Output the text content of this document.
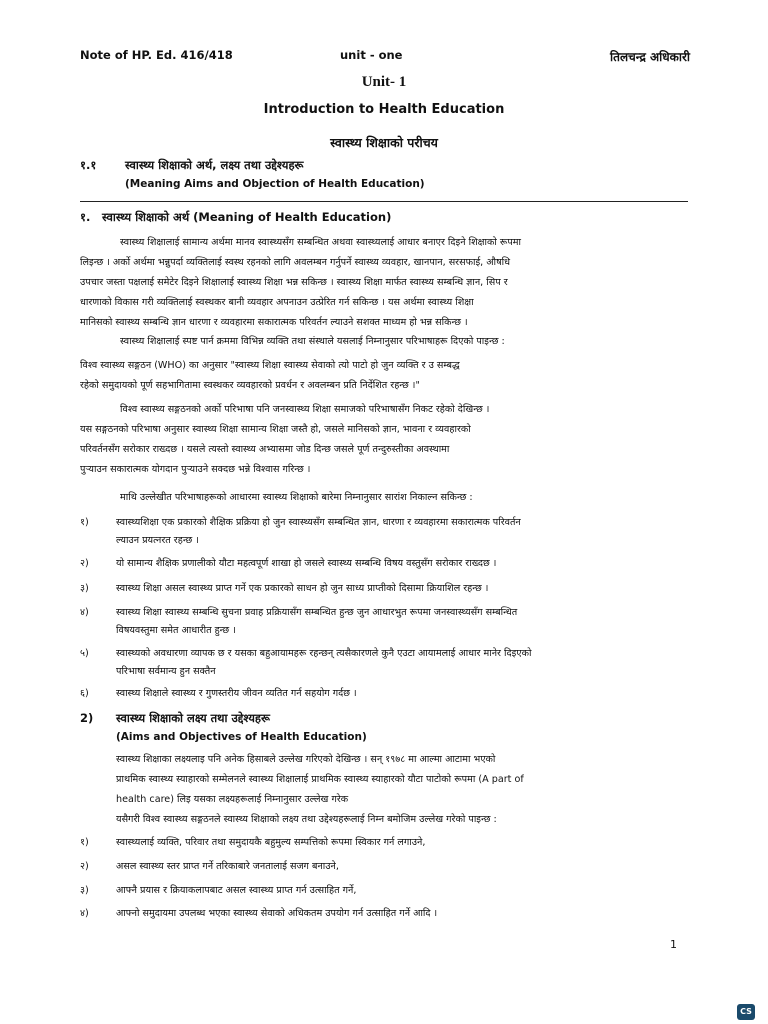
Note of HP. Ed. 416/418	unit - one	तिलचन्द्र अधिकारी
Unit- 1
Introduction to Health Education
स्वास्थ्य शिक्षाको परीचय
१.१ स्वास्थ्य शिक्षाको अर्थ, लक्ष्य तथा उद्देश्यहरू
(Meaning Aims and Objection of Health Education)
१. स्वास्थ्य शिक्षाको अर्थ (Meaning of Health Education)
स्वास्थ्य शिक्षालाई सामान्य अर्थमा मानव स्वास्थ्यसँग सम्बन्धित अथवा स्वास्थ्यलाई आधार बनाएर दिइने शिक्षाको रूपमा
लिइन्छ । अर्को अर्थमा भन्नुपर्दा व्यक्तिलाई स्वस्थ रहनको लागि अवलम्बन गर्नुपर्ने स्वास्थ्य व्यवहार, खानपान, सरसफाई, औषधि
उपचार जस्ता पक्षलाई समेटेर दिइने शिक्षालाई स्वास्थ्य शिक्षा भन्न सकिन्छ । स्वास्थ्य शिक्षा मार्फत स्वास्थ्य सम्बन्धि ज्ञान, सिप र
धारणाको विकास गरी व्यक्तिलाई स्वस्थकर बानी व्यवहार अपनाउन उत्प्रेरित गर्न सकिन्छ । यस अर्थमा स्वास्थ्य शिक्षा
मानिसको स्वास्थ्य सम्बन्धि ज्ञान धारणा र व्यवहारमा सकारात्मक परिवर्तन ल्याउने सशक्त माध्यम हो भन्न सकिन्छ ।
स्वास्थ्य शिक्षालाई स्पष्ट पार्न क्रममा विभिन्न व्यक्ति तथा संस्थाले यसलाई निम्नानुसार परिभाषाहरू दिएको पाइन्छ :
विश्व स्वास्थ्य सङ्गठन (WHO) का अनुसार "स्वास्थ्य शिक्षा स्वास्थ्य सेवाको त्यो पाटो हो जुन व्यक्ति र उ सम्बद्ध
रहेको समुदायको पूर्ण सहभागितामा स्वस्थकर व्यवहारको प्रवर्धन र अवलम्बन प्रति निर्देशित रहन्छ ।"
विश्व स्वास्थ्य सङ्गठनको अर्को परिभाषा पनि जनस्वास्थ्य शिक्षा समाजको परिभाषासँग निकट रहेको देखिन्छ ।
यस सङ्गठनको परिभाषा अनुसार स्वास्थ्य शिक्षा सामान्य शिक्षा जस्तै हो, जसले मानिसको ज्ञान, भावना र व्यवहारको
परिवर्तनसँग सरोकार राख्दछ । यसले त्यस्तो स्वास्थ्य अभ्यासमा जोड दिन्छ जसले पूर्ण तन्दुरुस्तीका अवस्थामा
पुऱ्याउन सकारात्मक योगदान पुऱ्याउने सक्दछ भन्ने विश्वास गरिन्छ ।
माथि उल्लेखीत परिभाषाहरूको आधारमा स्वास्थ्य शिक्षाको बारेमा निम्नानुसार सारांश निकाल्न सकिन्छ :
१)	स्वास्थ्यशिक्षा एक प्रकारको शैक्षिक प्रक्रिया हो जुन स्वास्थ्यसँग सम्बन्धित ज्ञान, धारणा र व्यवहारमा सकारात्मक परिवर्तन
ल्याउन प्रयत्नरत रहन्छ ।
२)	यो सामान्य शैक्षिक प्रणालीको यौटा महत्वपूर्ण शाखा हो जसले स्वास्थ्य सम्बन्धि विषय वस्तुसँग सरोकार राख्दछ ।
३)	स्वास्थ्य शिक्षा असल स्वास्थ्य प्राप्त गर्ने एक प्रकारको साधन हो जुन साध्य प्राप्तीको दिसामा क्रियाशिल रहन्छ ।
४)	स्वास्थ्य शिक्षा स्वास्थ्य सम्बन्धि सुचना प्रवाह प्रक्रियासँग सम्बन्धित हुन्छ जुन आधारभुत रूपमा जनस्वास्थ्यसँग सम्बन्धित
विषयवस्तुमा समेत आधारीत हुन्छ ।
५)	स्वास्थ्यको अवधारणा व्यापक छ र यसका बहुआयामहरू रहन्छन् त्यसैकारणले कुनै एउटा आयामलाई आधार मानेर दिइएको
परिभाषा सर्वमान्य हुन सक्तैन
६)	स्वास्थ्य शिक्षाले स्वास्थ्य र गुणस्तरीय जीवन व्यतित गर्न सहयोग गर्दछ ।
2) स्वास्थ्य शिक्षाको लक्ष्य तथा उद्देश्यहरू
(Aims and Objectives of Health Education)
स्वास्थ्य शिक्षाका लक्ष्यलाइ पनि अनेक हिसाबले उल्लेख गरिएको देखिन्छ । सन् १९७८ मा आल्मा आटामा भएको
प्राथमिक स्वास्थ्य स्याहारको सम्मेलनले स्वास्थ्य शिक्षालाई प्राथमिक स्वास्थ्य स्याहारको यौटा पाटोको रूपमा (A part of
health care) लिइ यसका लक्ष्यहरूलाई निम्नानुसार उल्लेख गरेक
यसैगरी विश्व स्वास्थ्य सङ्गठनले स्वास्थ्य शिक्षाको लक्ष्य तथा उद्देश्यहरूलाई निम्न बमोजिम उल्लेख गरेको पाइन्छ :
१)	स्वास्थ्यलाई व्यक्ति, परिवार तथा समुदायकै बहुमुल्य सम्पत्तिको रूपमा स्विकार गर्न लगाउने,
२)	असल स्वास्थ्य स्तर प्राप्त गर्ने तरिकाबारे जनतालाई सजग बनाउने,
३)	आफ्नै प्रयास र क्रियाकलापबाट असल स्वास्थ्य प्राप्त गर्न उत्साहित गर्ने,
४)	आफ्नो समुदायमा उपलब्ध भएका स्वास्थ्य सेवाको अधिकतम उपयोग गर्न उत्साहित गर्ने आदि ।
1
CS
